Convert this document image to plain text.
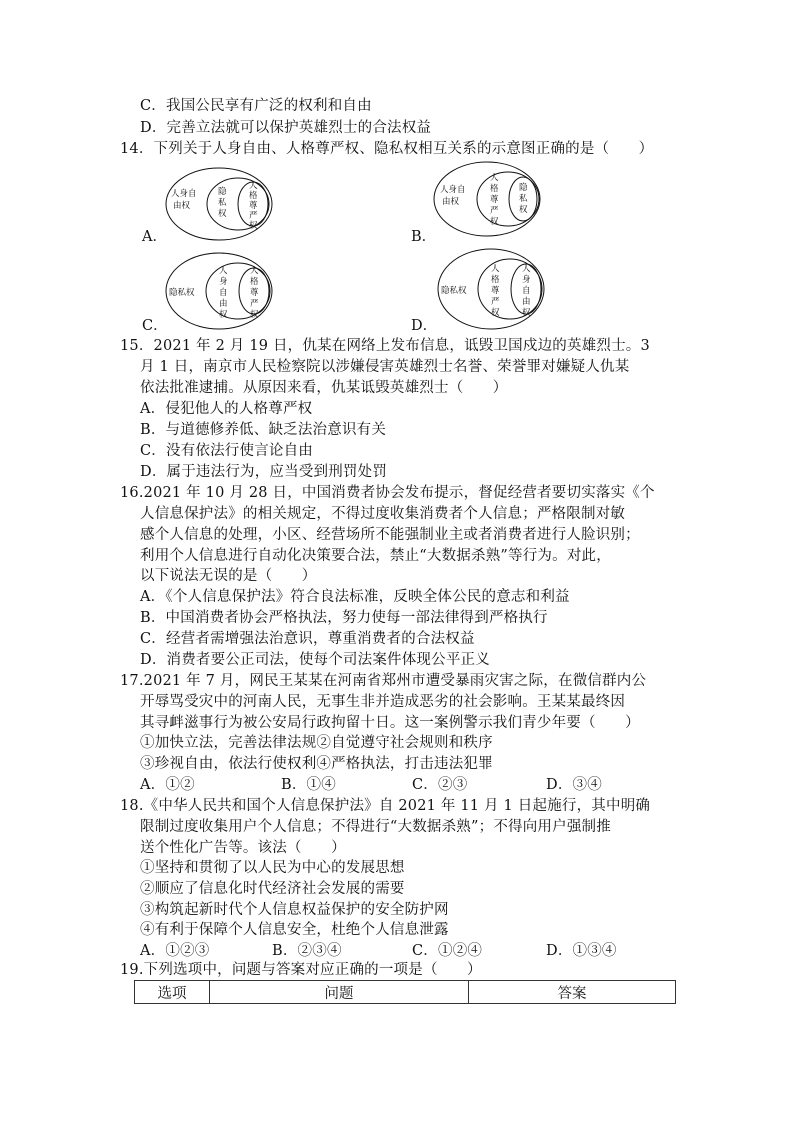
C．我国公民享有广泛的权利和自由
D．完善立法就可以保护英雄烈士的合法权益
14．下列关于人身自由、人格尊严权、隐私权相互关系的示意图正确的是（　　）
A．	B．
C．	D．
人身自
由权
隐
私
权
人
格
尊
严
权
人身自
由权
人
格
尊
严
权
隐
私
权
隐私权
人
身
自
由
权
人
格
尊
严
权
隐私权
人
格
尊
严
权
人
身
自
由
权
15．2021 年 2 月 19 日，仇某在网络上发布信息，诋毁卫国戍边的英雄烈士。3
月 1 日，南京市人民检察院以涉嫌侵害英雄烈士名誉、荣誉罪对嫌疑人仇某
依法批准逮捕。从原因来看，仇某诋毁英雄烈士（　　）
A．侵犯他人的人格尊严权
B．与道德修养低、缺乏法治意识有关
C．没有依法行使言论自由
D．属于违法行为，应当受到刑罚处罚
16.2021 年 10 月 28 日，中国消费者协会发布提示，督促经营者要切实落实《个
人信息保护法》的相关规定，不得过度收集消费者个人信息；严格限制对敏
感个人信息的处理，小区、经营场所不能强制业主或者消费者进行人脸识别；
利用个人信息进行自动化决策要合法，禁止“大数据杀熟”等行为。对此，
以下说法无误的是（　　）
A．《个人信息保护法》符合良法标准，反映全体公民的意志和利益
B．中国消费者协会严格执法，努力使每一部法律得到严格执行
C．经营者需增强法治意识，尊重消费者的合法权益
D．消费者要公正司法，使每个司法案件体现公平正义
17.2021 年 7 月，网民王某某在河南省郑州市遭受暴雨灾害之际，在微信群内公
开辱骂受灾中的河南人民，无事生非并造成恶劣的社会影响。王某某最终因
其寻衅滋事行为被公安局行政拘留十日。这一案例警示我们青少年要（　　）
①加快立法，完善法律法规②自觉遵守社会规则和秩序
③珍视自由，依法行使权利④严格执法，打击违法犯罪
A．①②	B．①④	C．②③	D．③④
18.《中华人民共和国个人信息保护法》自 2021 年 11 月 1 日起施行，其中明确
限制过度收集用户个人信息；不得进行“大数据杀熟”；不得向用户强制推
送个性化广告等。该法（　　）
①坚持和贯彻了以人民为中心的发展思想
②顺应了信息化时代经济社会发展的需要
③构筑起新时代个人信息权益保护的安全防护网
④有利于保障个人信息安全，杜绝个人信息泄露
A．①②③	B．②③④	C．①②④	D．①③④
19.下列选项中，问题与答案对应正确的一项是（　　）
选项	问题	答案
